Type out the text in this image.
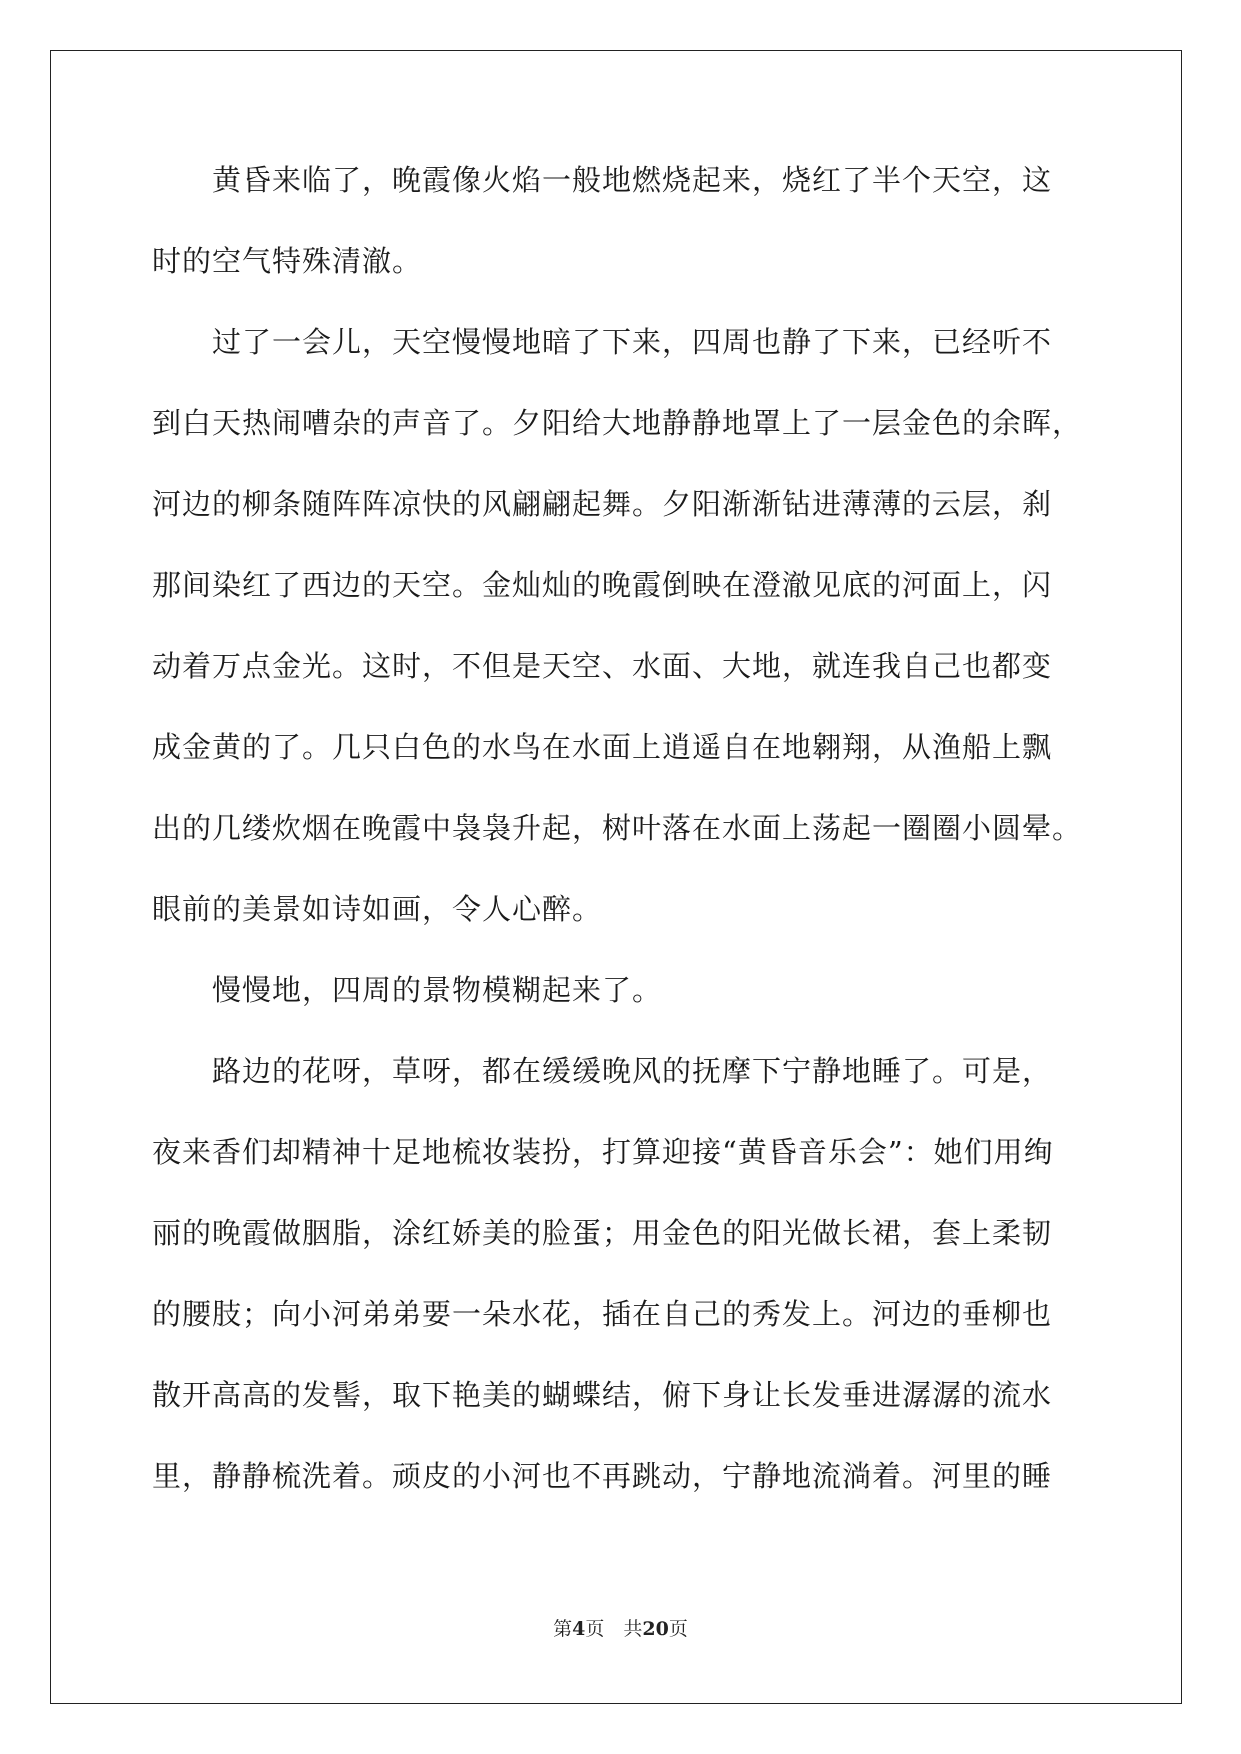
　　黄昏来临了，晚霞像火焰一般地燃烧起来，烧红了半个天空，这
时的空气特殊清澈。
　　过了一会儿，天空慢慢地暗了下来，四周也静了下来，已经听不
到白天热闹嘈杂的声音了。夕阳给大地静静地罩上了一层金色的余晖，
河边的柳条随阵阵凉快的风翩翩起舞。夕阳渐渐钻进薄薄的云层，刹
那间染红了西边的天空。金灿灿的晚霞倒映在澄澈见底的河面上，闪
动着万点金光。这时，不但是天空、水面、大地，就连我自己也都变
成金黄的了。几只白色的水鸟在水面上逍遥自在地翱翔，从渔船上飘
出的几缕炊烟在晚霞中袅袅升起，树叶落在水面上荡起一圈圈小圆晕。
眼前的美景如诗如画，令人心醉。
　　慢慢地，四周的景物模糊起来了。
　　路边的花呀，草呀，都在缓缓晚风的抚摩下宁静地睡了。可是，
夜来香们却精神十足地梳妆装扮，打算迎接“黄昏音乐会”：她们用绚
丽的晚霞做胭脂，涂红娇美的脸蛋；用金色的阳光做长裙，套上柔韧
的腰肢；向小河弟弟要一朵水花，插在自己的秀发上。河边的垂柳也
散开高高的发髻，取下艳美的蝴蝶结，俯下身让长发垂进潺潺的流水
里，静静梳洗着。顽皮的小河也不再跳动，宁静地流淌着。河里的睡
第4页　共20页
